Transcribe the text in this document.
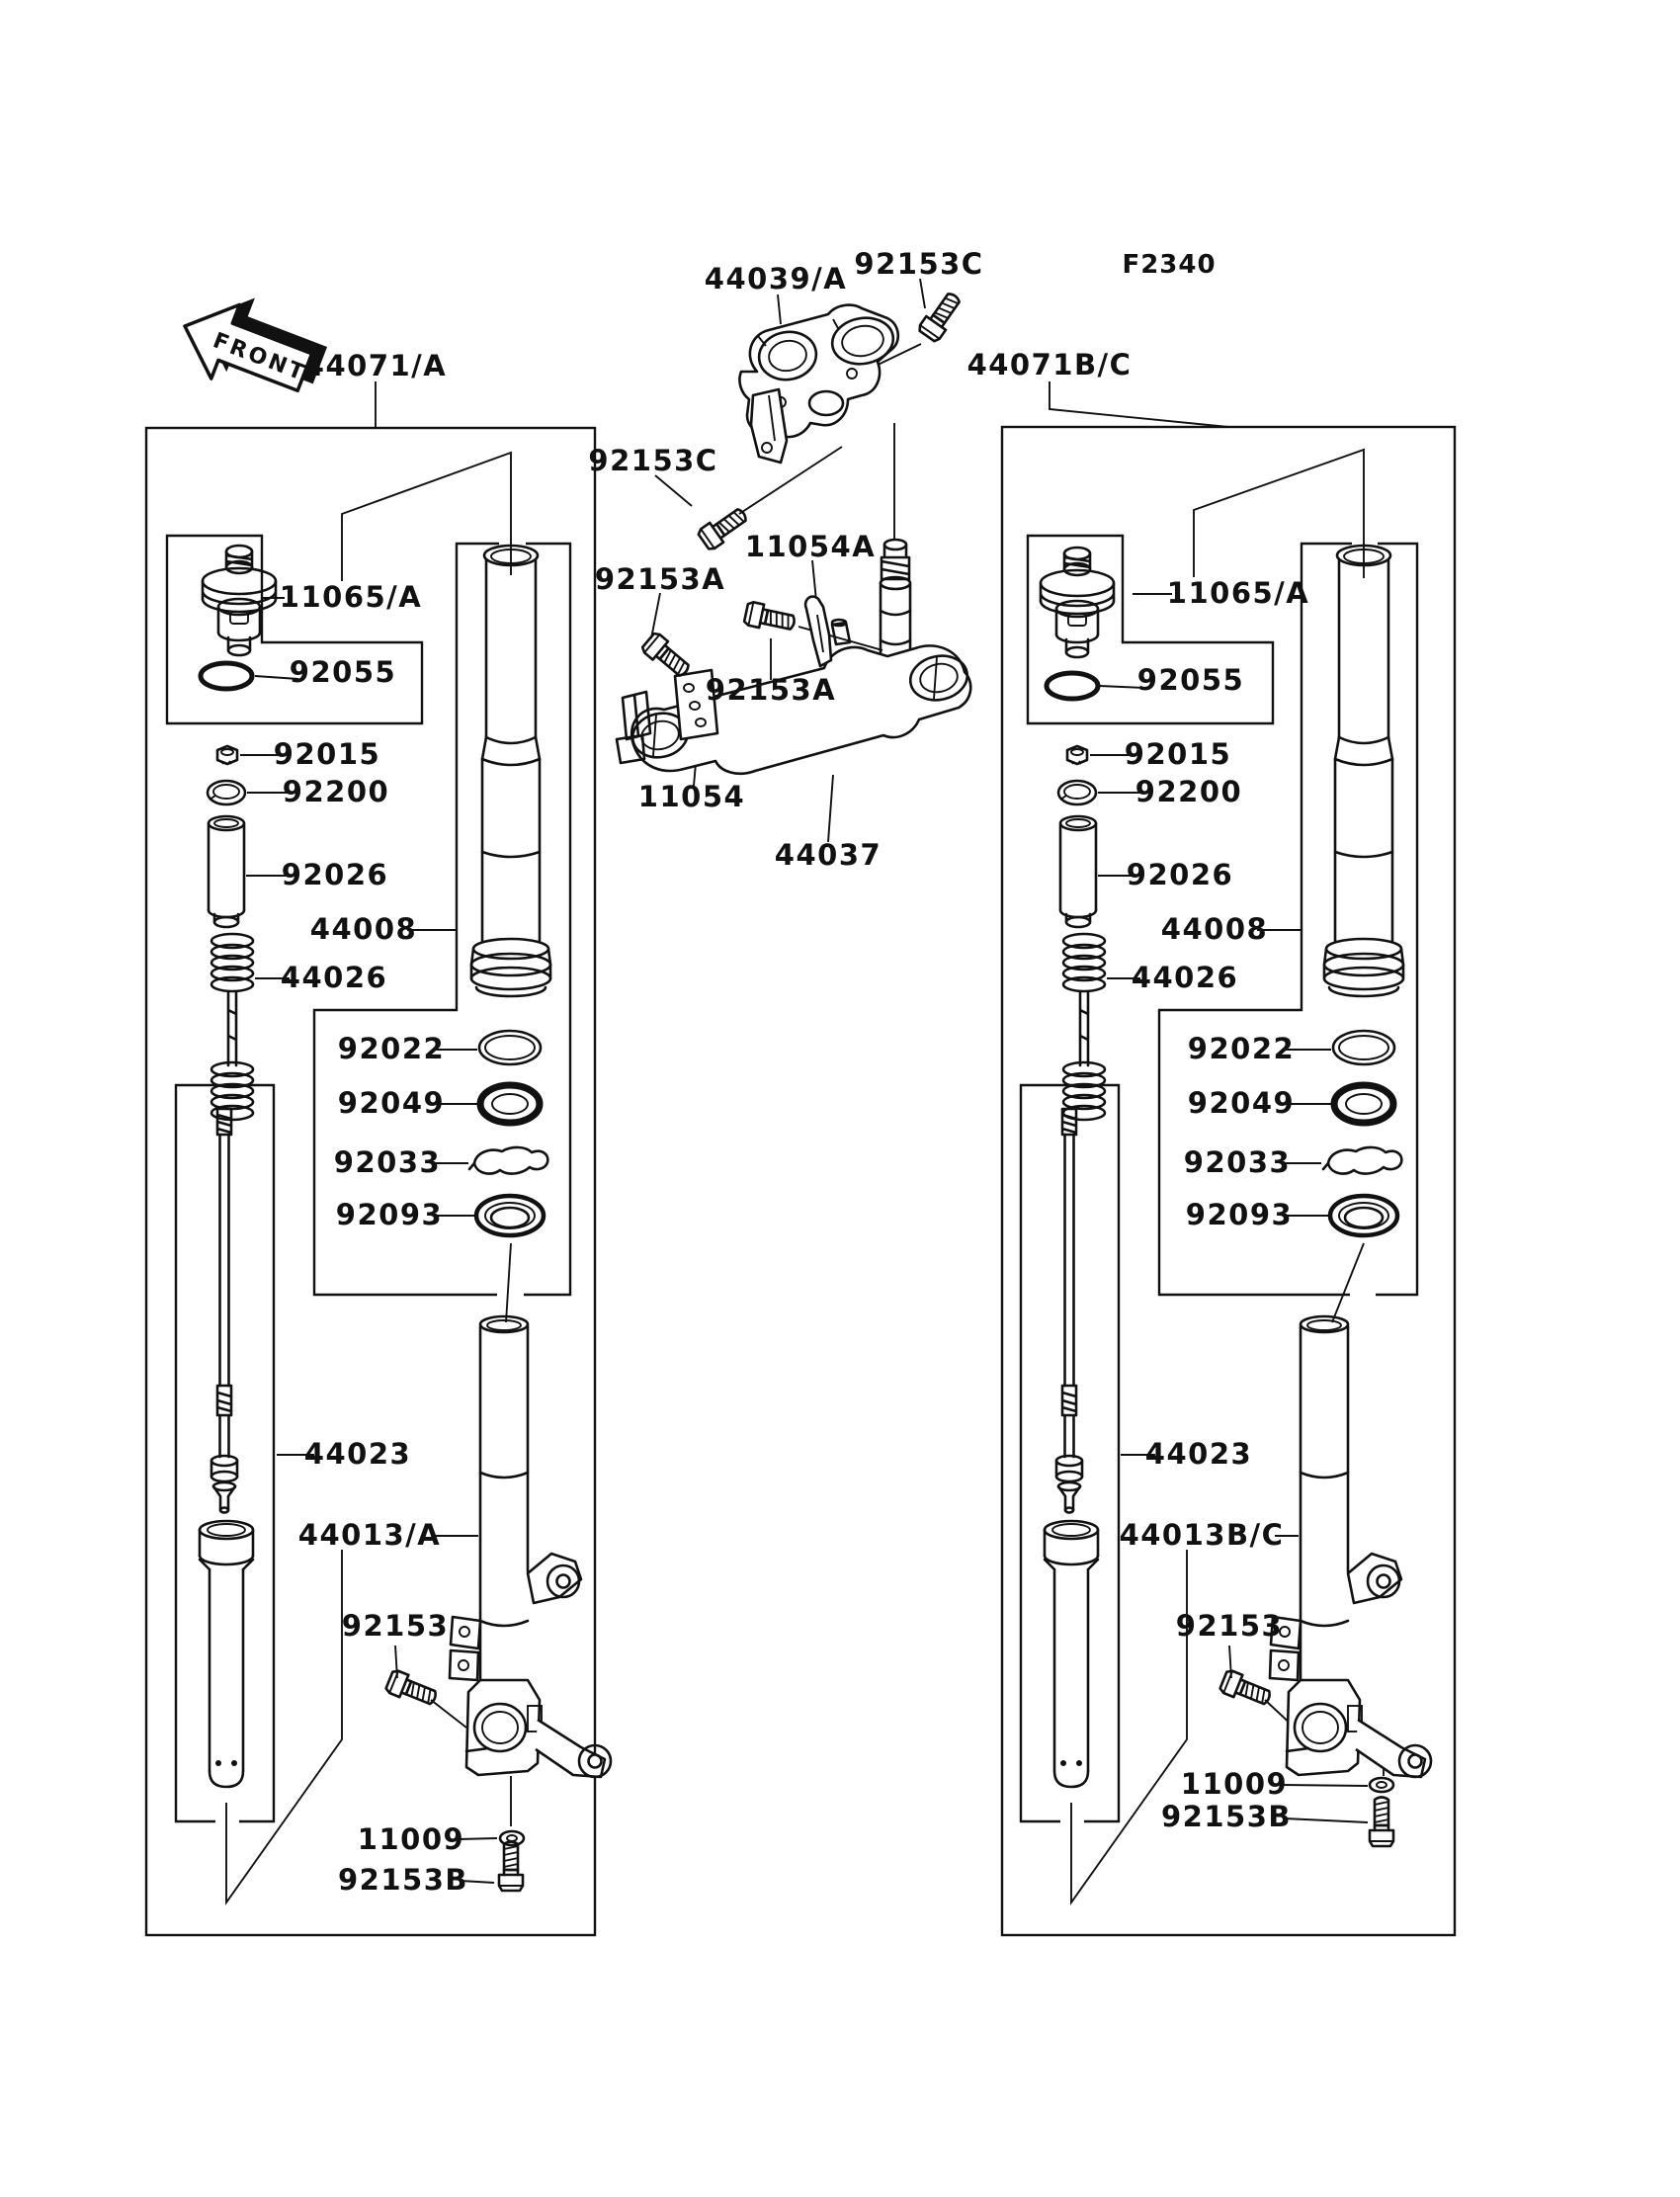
FRONT
F2340
44039/A 92153C
44071/A	44071B/C
92153C
92153A
11054A
92153A
11054
44037
11065/A
92055
92015
92200
92026
44008
44026
92022
92049
92033
92093
44023
44013/A
92153
11009
92153B
11065/A
92055
92015
92200
92026
44008
44026
92022
92049
92033
92093
44023
44013B/C
92153
11009
92153B
